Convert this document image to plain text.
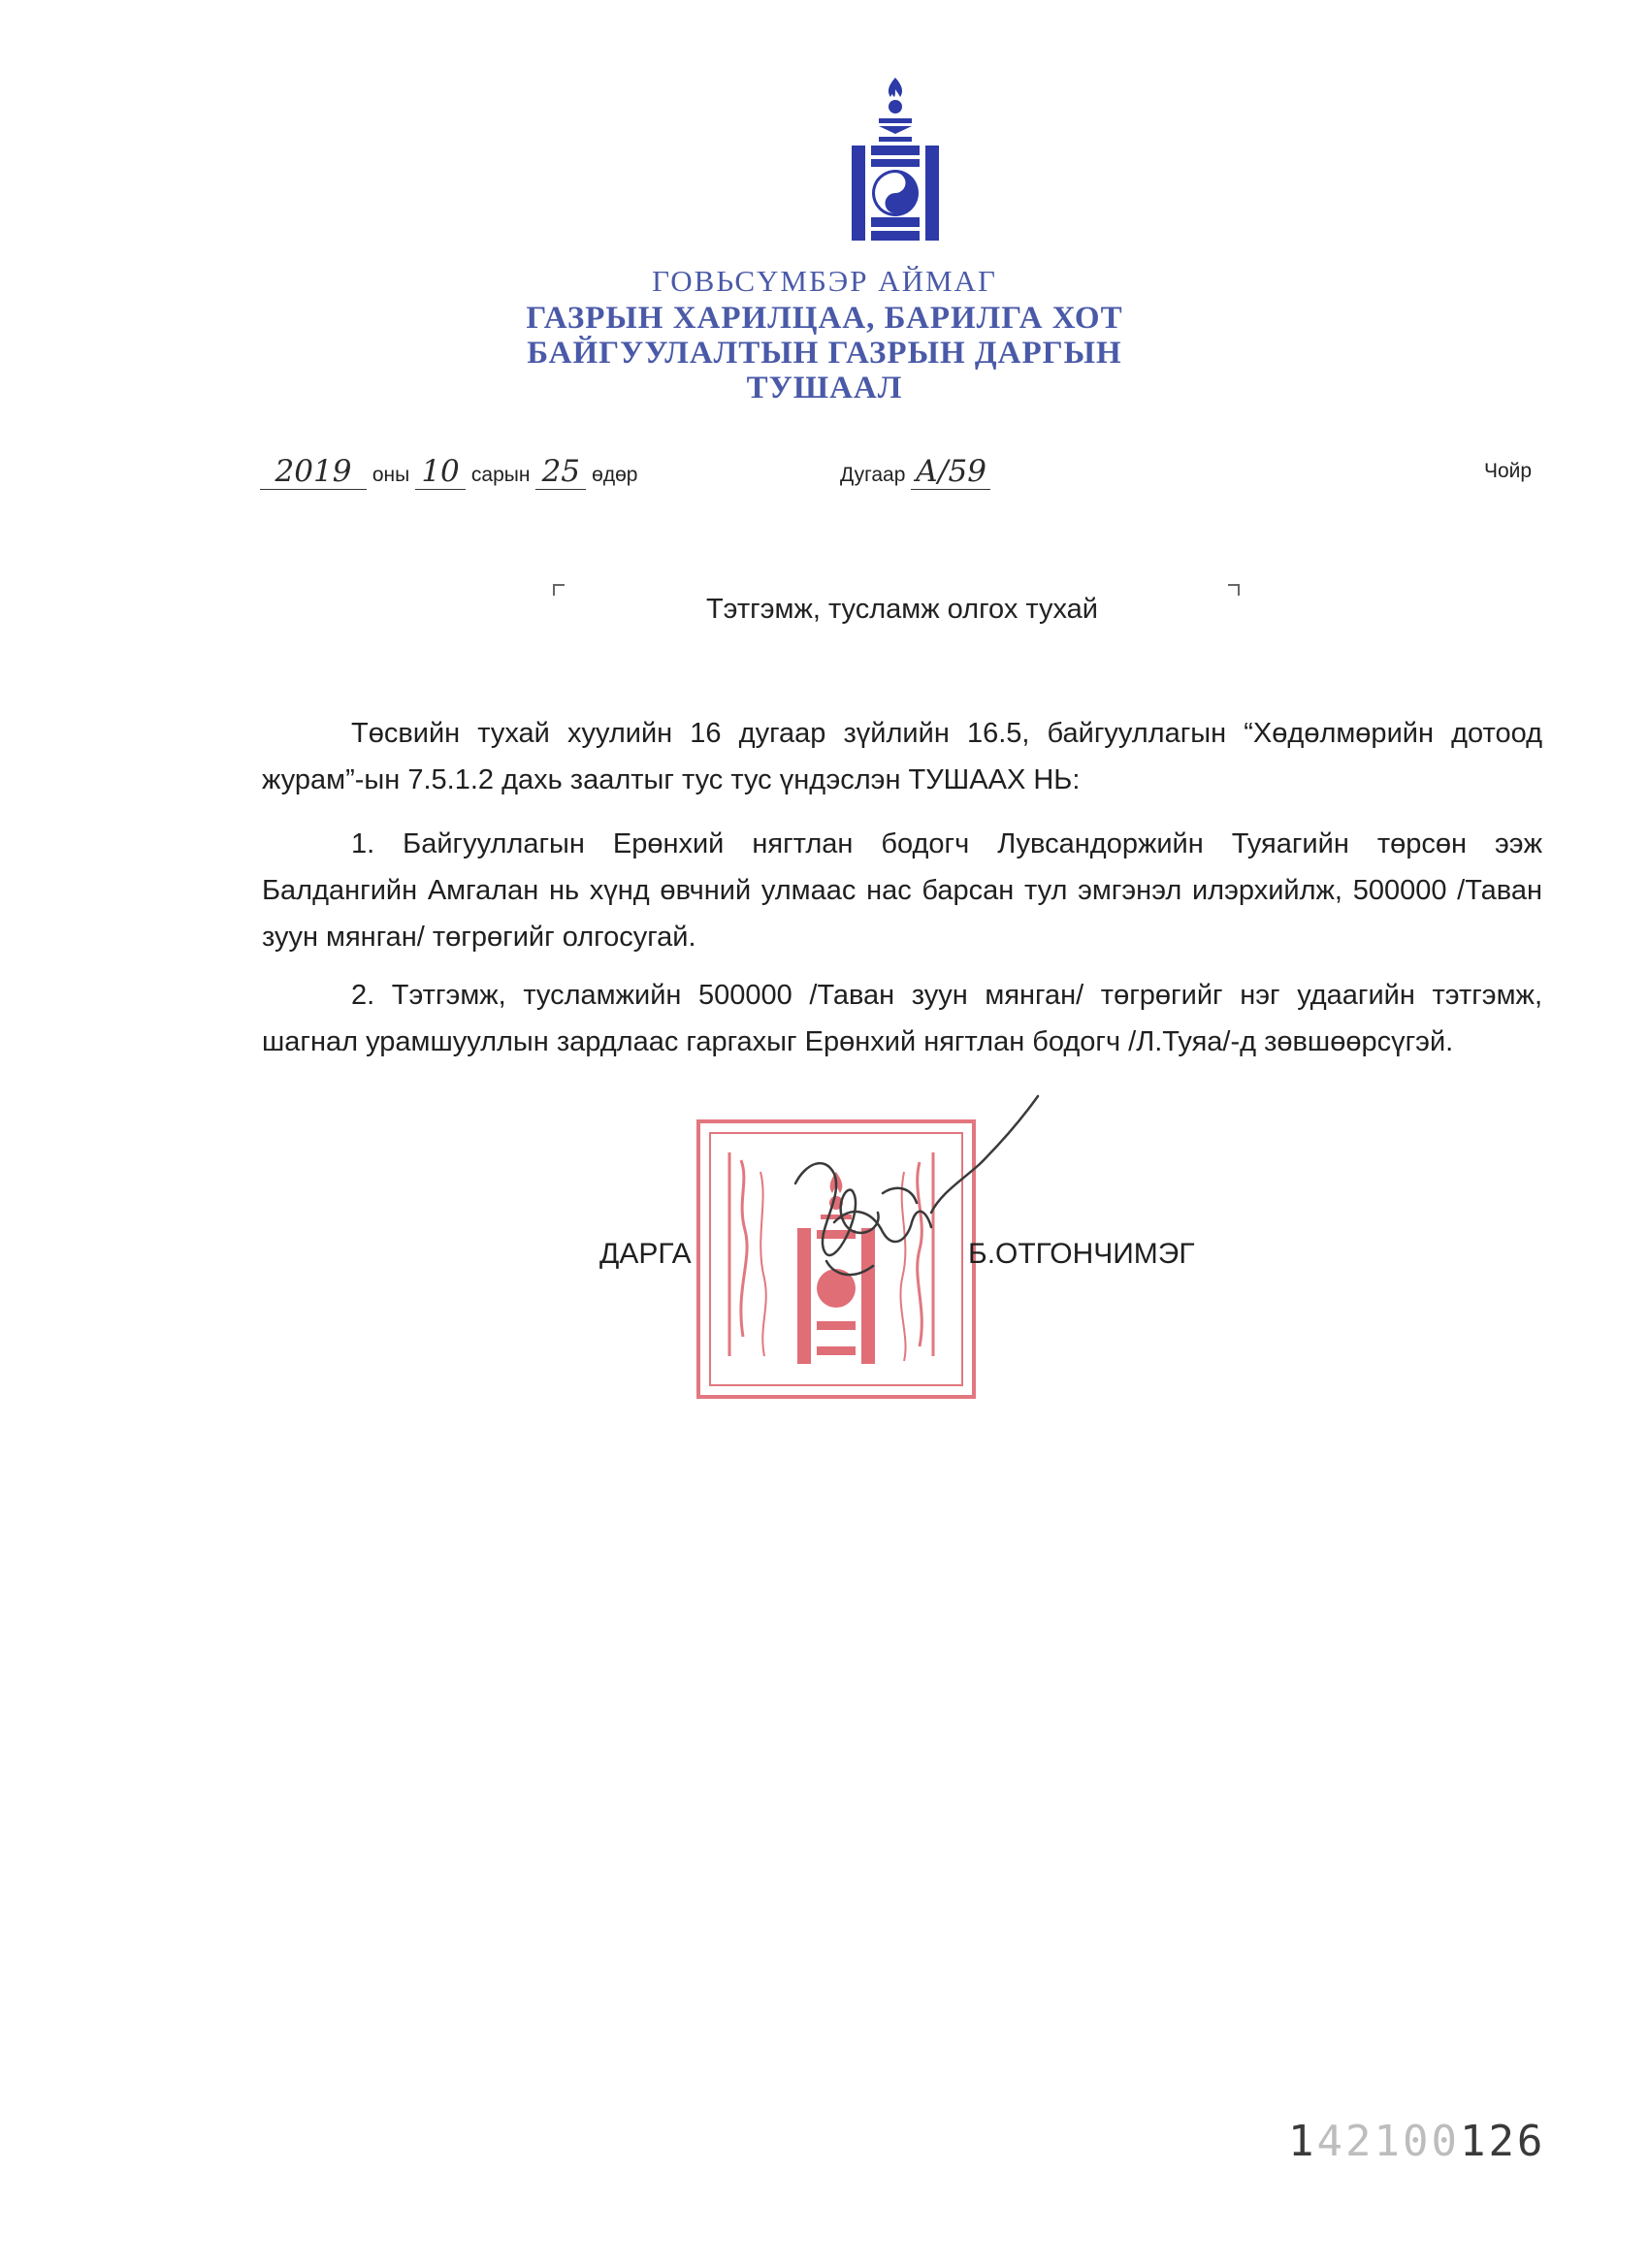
ГОВЬСҮМБЭР АЙМАГ
ГАЗРЫН ХАРИЛЦАА, БАРИЛГА ХОТ
БАЙГУУЛАЛТЫН ГАЗРЫН ДАРГЫН
ТУШААЛ
2019 оны 10 сарын 25 өдөр	Дугаар А/59	Чойр
Тэтгэмж, тусламж олгох тухай

Төсвийн тухай хуулийн 16 дугаар зүйлийн 16.5, байгууллагын “Хөдөлмөрийн дотоод журам”-ын 7.5.1.2 дахь заалтыг тус тус үндэслэн ТУШААХ НЬ:

1. Байгууллагын Ерөнхий нягтлан бодогч Лувсандоржийн Туяагийн төрсөн ээж Балдангийн Амгалан нь хүнд өвчний улмаас нас барсан тул эмгэнэл илэрхийлж, 500000 /Таван зуун мянган/ төгрөгийг олгосугай.

2. Тэтгэмж, тусламжийн 500000 /Таван зуун мянган/ төгрөгийг нэг удаагийн тэтгэмж, шагнал урамшууллын зардлаас гаргахыг Ерөнхий нягтлан бодогч /Л.Туяа/-д зөвшөөрсүгэй.

ДАРГА	Б.ОТГОНЧИМЭГ
142100126
